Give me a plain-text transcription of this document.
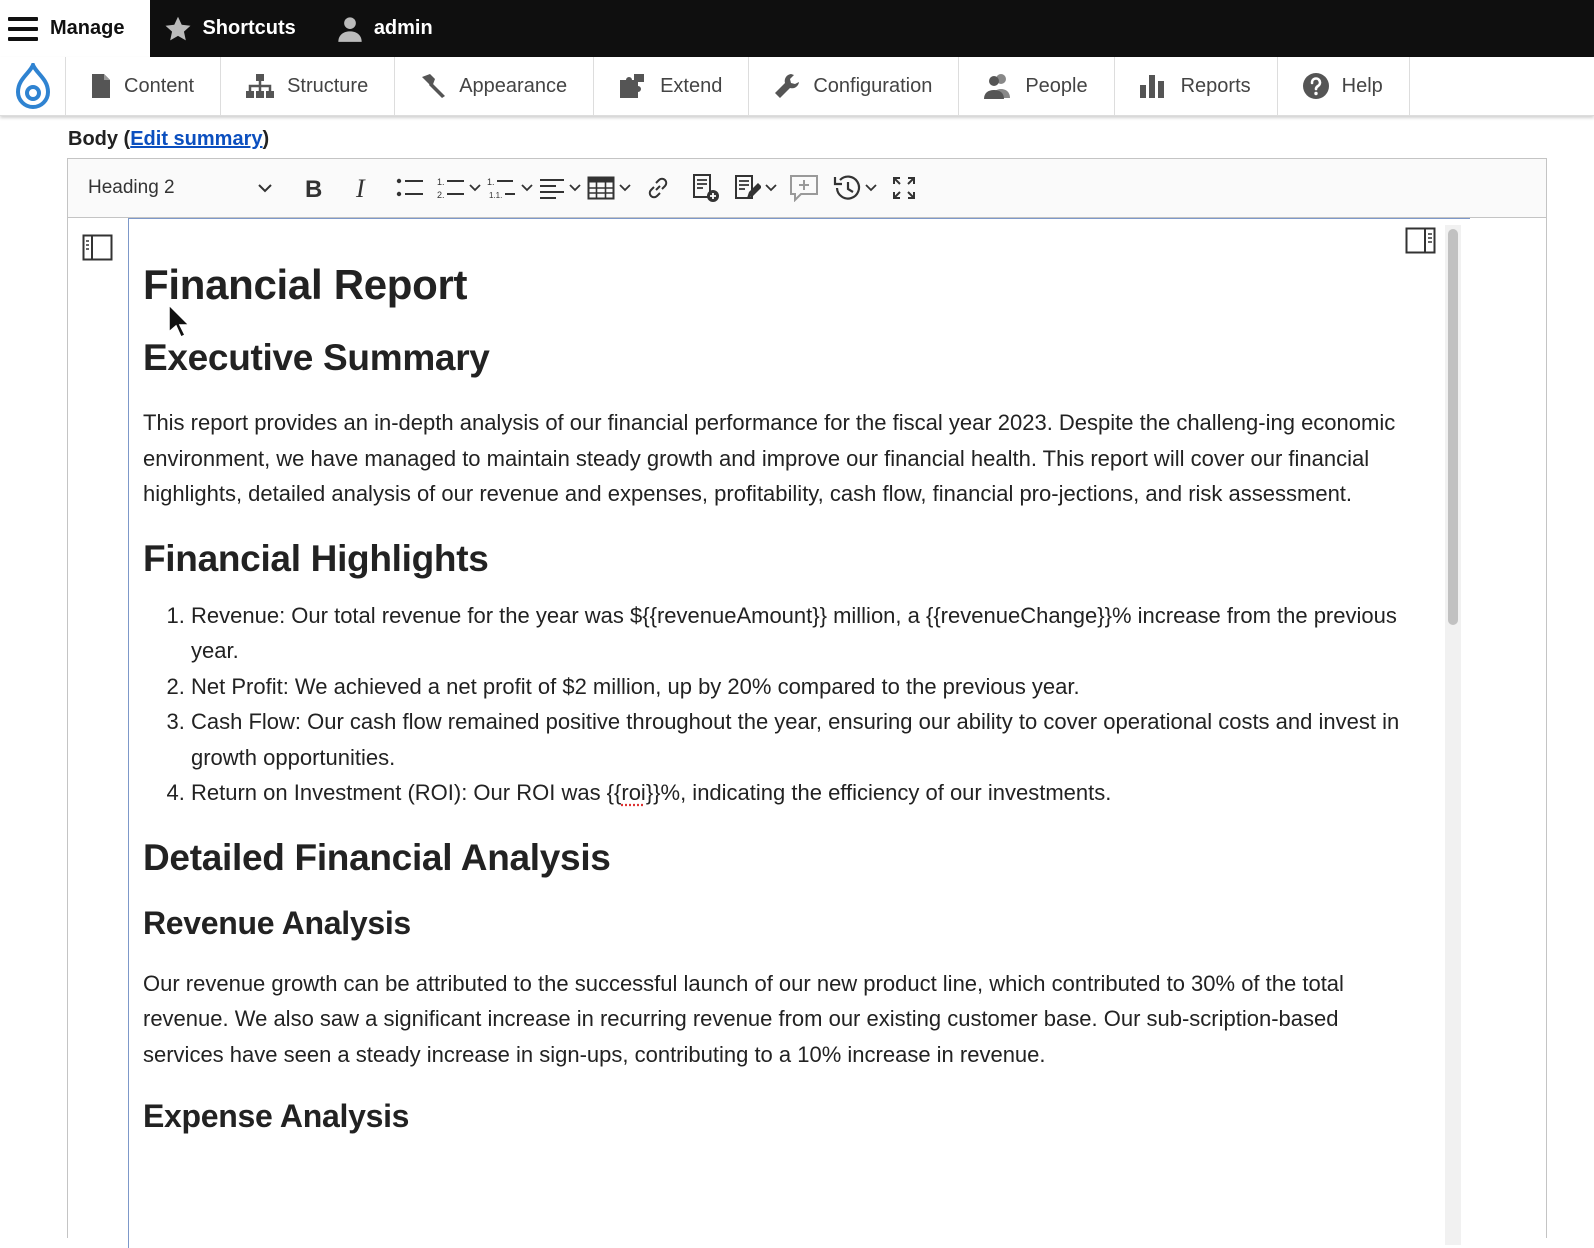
Manage	Shortcuts	admin
Content	Structure	Appearance	Extend	Configuration	People	Reports	Help
Body (Edit summary)
Heading 2	B I	1.
2.
1.
1.1.
Financial Report
Executive Summary

This report provides an in-depth analysis of our financial performance for the fiscal year 2023. Despite the challeng-ing economic environment, we have managed to maintain steady growth and improve our financial health. This report will cover our financial highlights, detailed analysis of our revenue and expenses, profitability, cash flow, financial pro-jections, and risk assessment.

Financial Highlights
1. Revenue: Our total revenue for the year was ${{revenueAmount}} million, a {{revenueChange}}% increase from the previous year.
2. Net Profit: We achieved a net profit of $2 million, up by 20% compared to the previous year.
3. Cash Flow: Our cash flow remained positive throughout the year, ensuring our ability to cover operational costs and invest in growth opportunities.
4. Return on Investment (ROI): Our ROI was {{roi}}%, indicating the efficiency of our investments.
Detailed Financial Analysis
Revenue Analysis

Our revenue growth can be attributed to the successful launch of our new product line, which contributed to 30% of the total revenue. We also saw a significant increase in recurring revenue from our existing customer base. Our sub-scription-based services have seen a steady increase in sign-ups, contributing to a 10% increase in revenue.

Expense Analysis
